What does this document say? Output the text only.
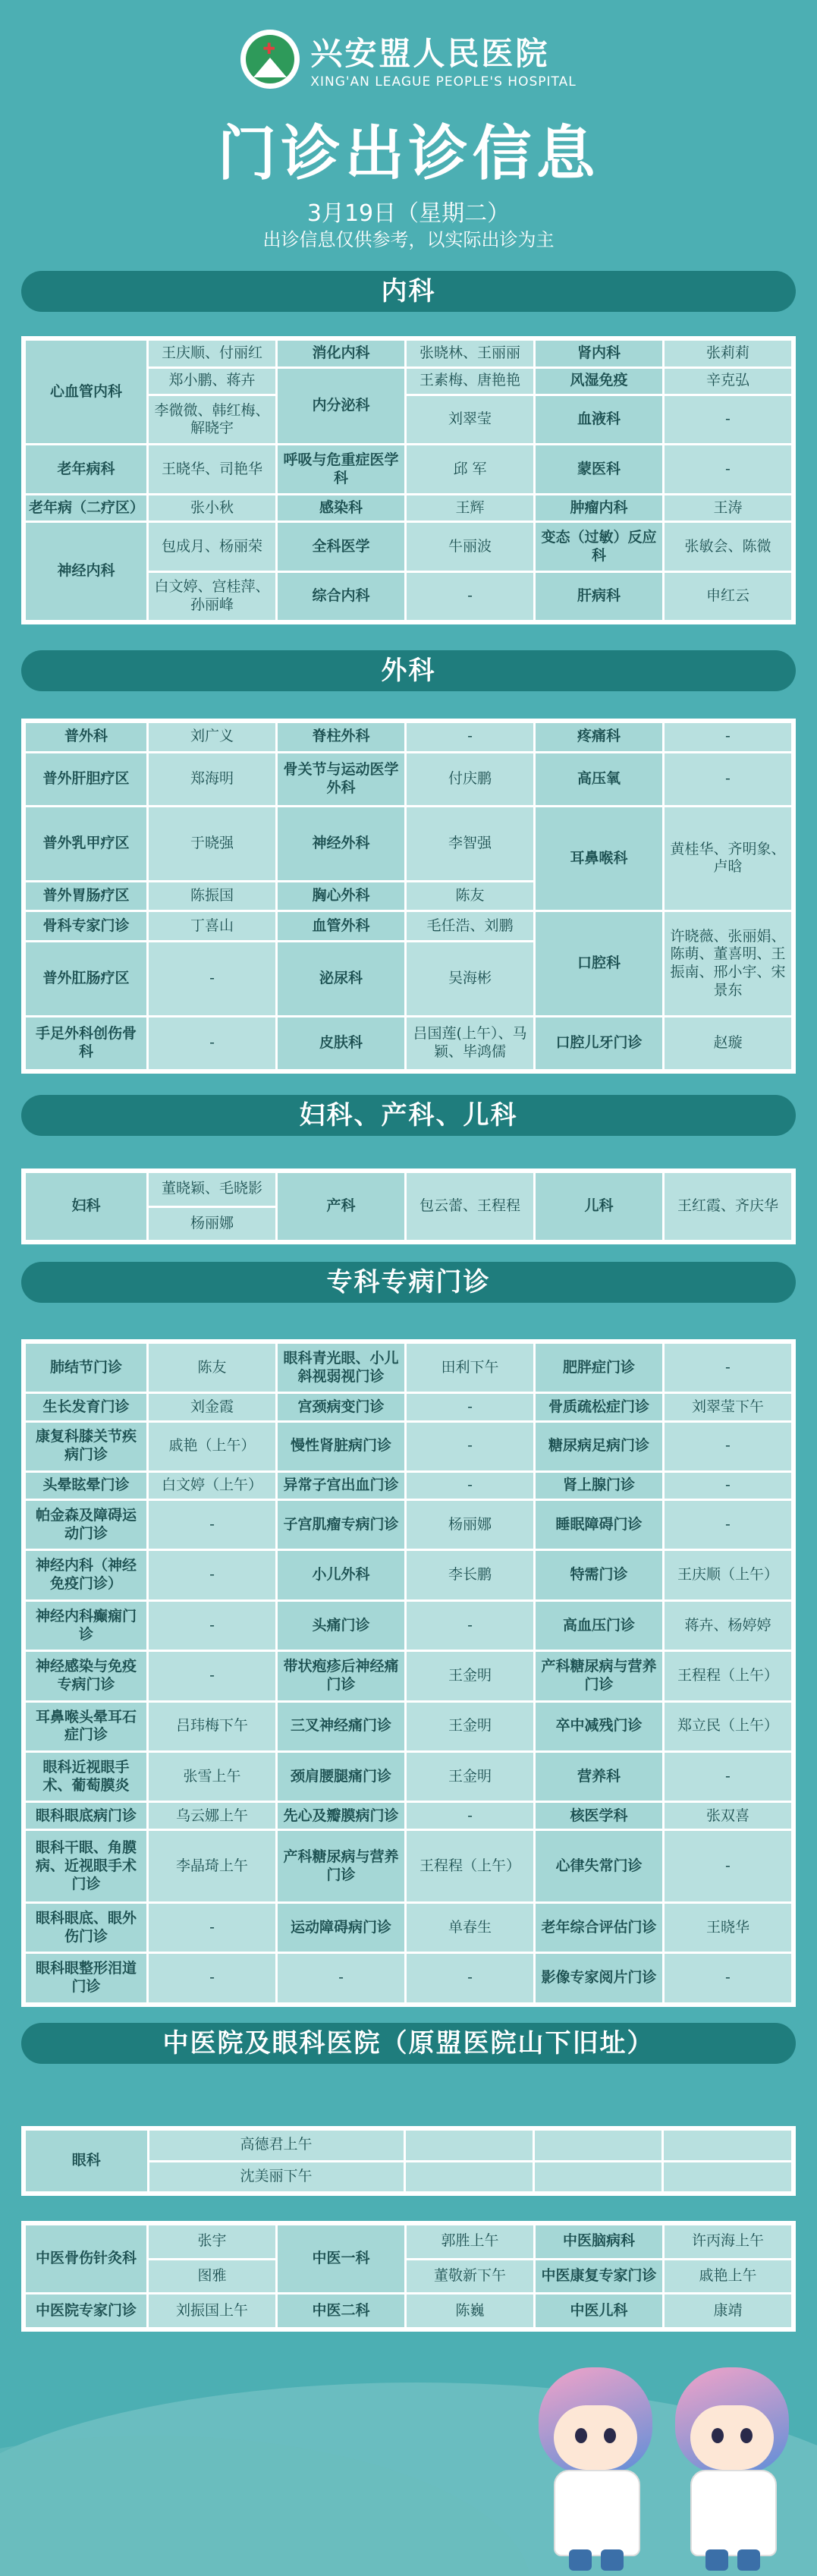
✚
兴安盟人民医院
XING'AN LEAGUE PEOPLE'S HOSPITAL
门诊出诊信息
3月19日（星期二）
出诊信息仅供参考，以实际出诊为主
内科
心血管内科	王庆顺、付丽红	消化内科	张晓林、王丽丽	肾内科	张莉莉
	郑小鹏、蒋卉	内分泌科	王素梅、唐艳艳	风湿免疫	辛克弘
	李微微、韩红梅、解晓宇		刘翠莹	血液科	-
老年病科	王晓华、司艳华	呼吸与危重症医学科	邱 军	蒙医科	-
老年病（二疗区）	张小秋	感染科	王辉	肿瘤内科	王涛
神经内科	包成月、杨丽荣	全科医学	牛丽波	变态（过敏）反应科	张敏会、陈微
	白文婷、宫桂萍、孙丽峰	综合内科	-	肝病科	申红云
外科
普外科	刘广义	脊柱外科	-	疼痛科	-
普外肝胆疗区	郑海明	骨关节与运动医学外科	付庆鹏	高压氧	-
普外乳甲疗区	于晓强	神经外科	李智强	耳鼻喉科	黄桂华、齐明象、卢晗
普外胃肠疗区	陈振国	胸心外科	陈友		
骨科专家门诊	丁喜山	血管外科	毛任浩、刘鹏	口腔科	许晓薇、张丽娟、陈萌、董喜明、王振南、邢小宇、宋景东
普外肛肠疗区	-	泌尿科	吴海彬		
手足外科创伤骨科	-	皮肤科	吕国莲(上午）、马颖、毕鸿儒	口腔儿牙门诊	赵璇
妇科、产科、儿科
妇科	董晓颖、毛晓影	产科	包云蕾、王程程	儿科	王红霞、齐庆华
杨丽娜
专科专病门诊
肺结节门诊	陈友	眼科青光眼、小儿斜视弱视门诊	田利下午	肥胖症门诊	-
生长发育门诊	刘金霞	宫颈病变门诊	-	骨质疏松症门诊	刘翠莹下午
康复科膝关节疾病门诊	戚艳（上午）	慢性肾脏病门诊	-	糖尿病足病门诊	-
头晕眩晕门诊	白文婷（上午）	异常子宫出血门诊	-	肾上腺门诊	-
帕金森及障碍运动门诊	-	子宫肌瘤专病门诊	杨丽娜	睡眠障碍门诊	-
神经内科（神经免疫门诊）	-	小儿外科	李长鹏	特需门诊	王庆顺（上午）
神经内科癫痫门诊	-	头痛门诊	-	高血压门诊	蒋卉、杨婷婷
神经感染与免疫专病门诊	-	带状疱疹后神经痛门诊	王金明	产科糖尿病与营养门诊	王程程（上午）
耳鼻喉头晕耳石症门诊	吕玮梅下午	三叉神经痛门诊	王金明	卒中减残门诊	郑立民（上午）
眼科近视眼手术、葡萄膜炎	张雪上午	颈肩腰腿痛门诊	王金明	营养科	-
眼科眼底病门诊	乌云娜上午	先心及瓣膜病门诊	-	核医学科	张双喜
眼科干眼、角膜病、近视眼手术门诊	李晶琦上午	产科糖尿病与营养门诊	王程程（上午）	心律失常门诊	-
眼科眼底、眼外伤门诊	-	运动障碍病门诊	单春生	老年综合评估门诊	王晓华
眼科眼整形泪道门诊	-	-	-	影像专家阅片门诊	-
中医院及眼科医院（原盟医院山下旧址）
眼科	高德君上午			
	沈美丽下午			
中医骨伤针灸科	张宇	中医一科	郭胜上午	中医脑病科	许丙海上午
	图雅		董敬新下午	中医康复专家门诊	戚艳上午
中医院专家门诊	刘振国上午	中医二科	陈巍	中医儿科	康靖
